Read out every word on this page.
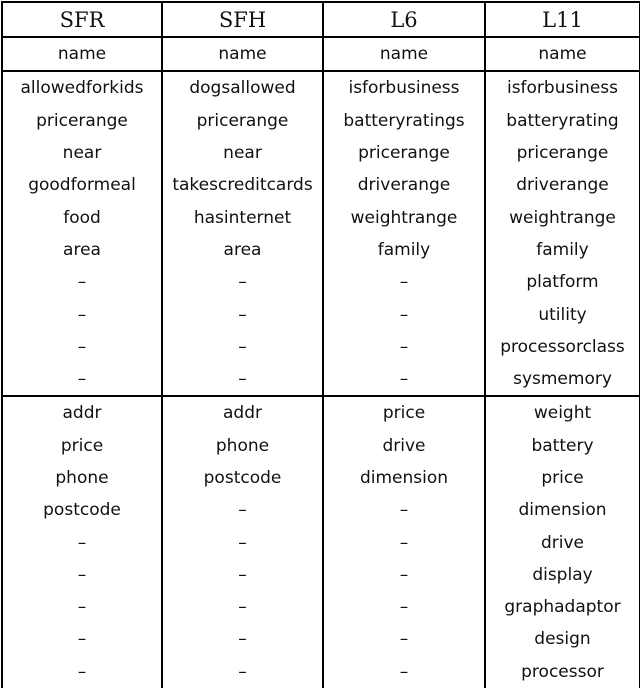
SFR	SFH	L6	L11
name	name	name	name
allowedforkids	dogsallowed	isforbusiness	isforbusiness
pricerange	pricerange	batteryratings	batteryrating
near	near	pricerange	pricerange
goodformeal	takescreditcards	driverange	driverange
food	hasinternet	weightrange	weightrange
area	area	family	family
–	–	–	platform
–	–	–	utility
–	–	–	processorclass
–	–	–	sysmemory
addr	addr	price	weight
price	phone	drive	battery
phone	postcode	dimension	price
postcode	–	–	dimension
–	–	–	drive
–	–	–	display
–	–	–	graphadaptor
–	–	–	design
–	–	–	processor
